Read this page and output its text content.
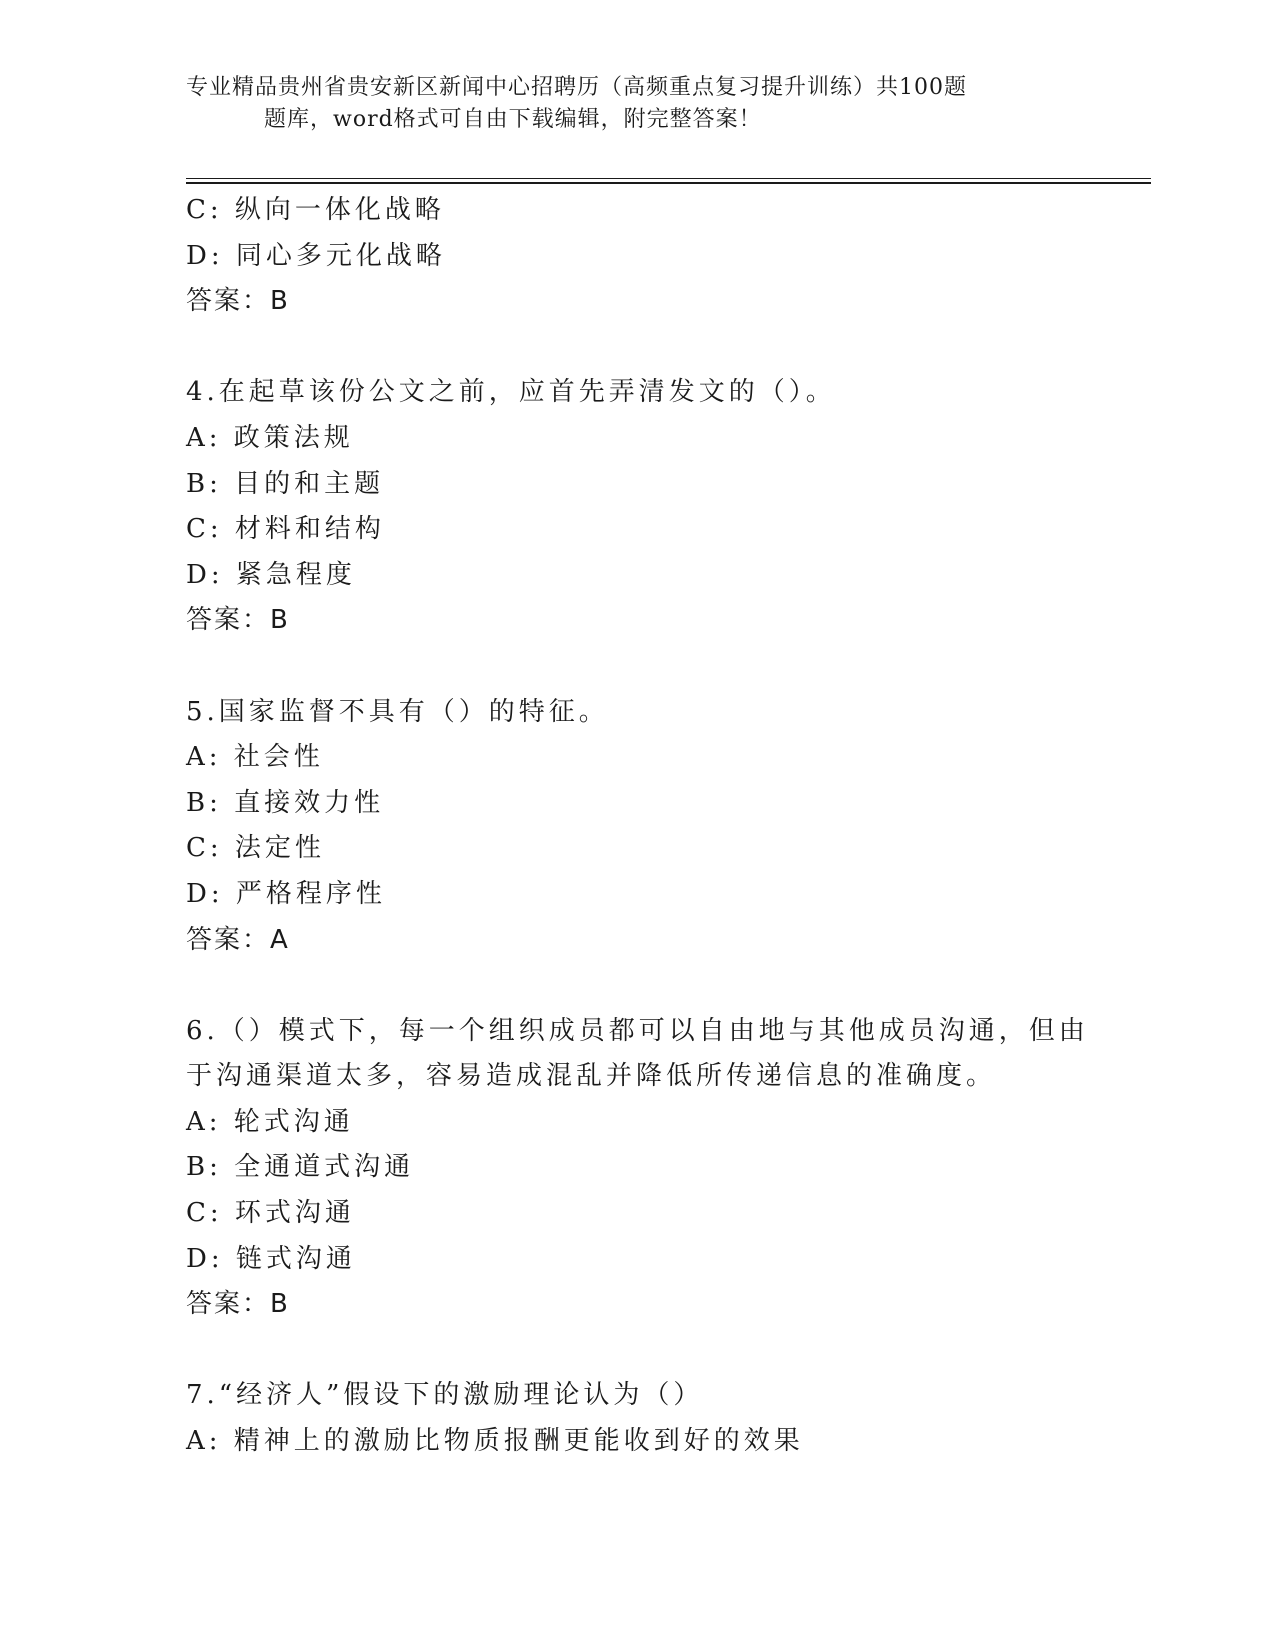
专业精品贵州省贵安新区新闻中心招聘历（高频重点复习提升训练）共100题
题库，word格式可自由下载编辑，附完整答案！
C: 纵向一体化战略
D: 同心多元化战略
答案：B
4.在起草该份公文之前，应首先弄清发文的（）。
A: 政策法规
B: 目的和主题
C: 材料和结构
D: 紧急程度
答案：B
5.国家监督不具有（）的特征。
A: 社会性
B: 直接效力性
C: 法定性
D: 严格程序性
答案：A
6.（）模式下，每一个组织成员都可以自由地与其他成员沟通，但由
于沟通渠道太多，容易造成混乱并降低所传递信息的准确度。
A: 轮式沟通
B: 全通道式沟通
C: 环式沟通
D: 链式沟通
答案：B
7.“经济人”假设下的激励理论认为（）
A: 精神上的激励比物质报酬更能收到好的效果
